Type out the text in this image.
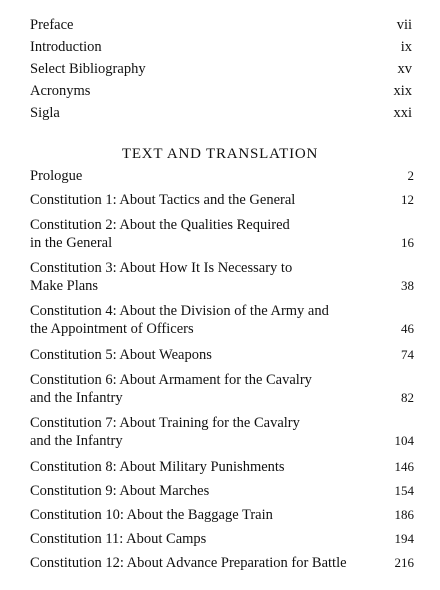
Preface	vii
Introduction	ix
Select Bibliography	xv
Acronyms	xix
Sigla	xxi
TEXT AND TRANSLATION
Prologue	2
Constitution 1: About Tactics and the General	12
Constitution 2: About the Qualities Required
in the General	16
Constitution 3: About How It Is Necessary to
Make Plans	38
Constitution 4: About the Division of the Army and
the Appointment of Officers	46
Constitution 5: About Weapons	74
Constitution 6: About Armament for the Cavalry
and the Infantry	82
Constitution 7: About Training for the Cavalry
and the Infantry	104
Constitution 8: About Military Punishments	146
Constitution 9: About Marches	154
Constitution 10: About the Baggage Train	186
Constitution 11: About Camps	194
Constitution 12: About Advance Preparation for Battle	216
